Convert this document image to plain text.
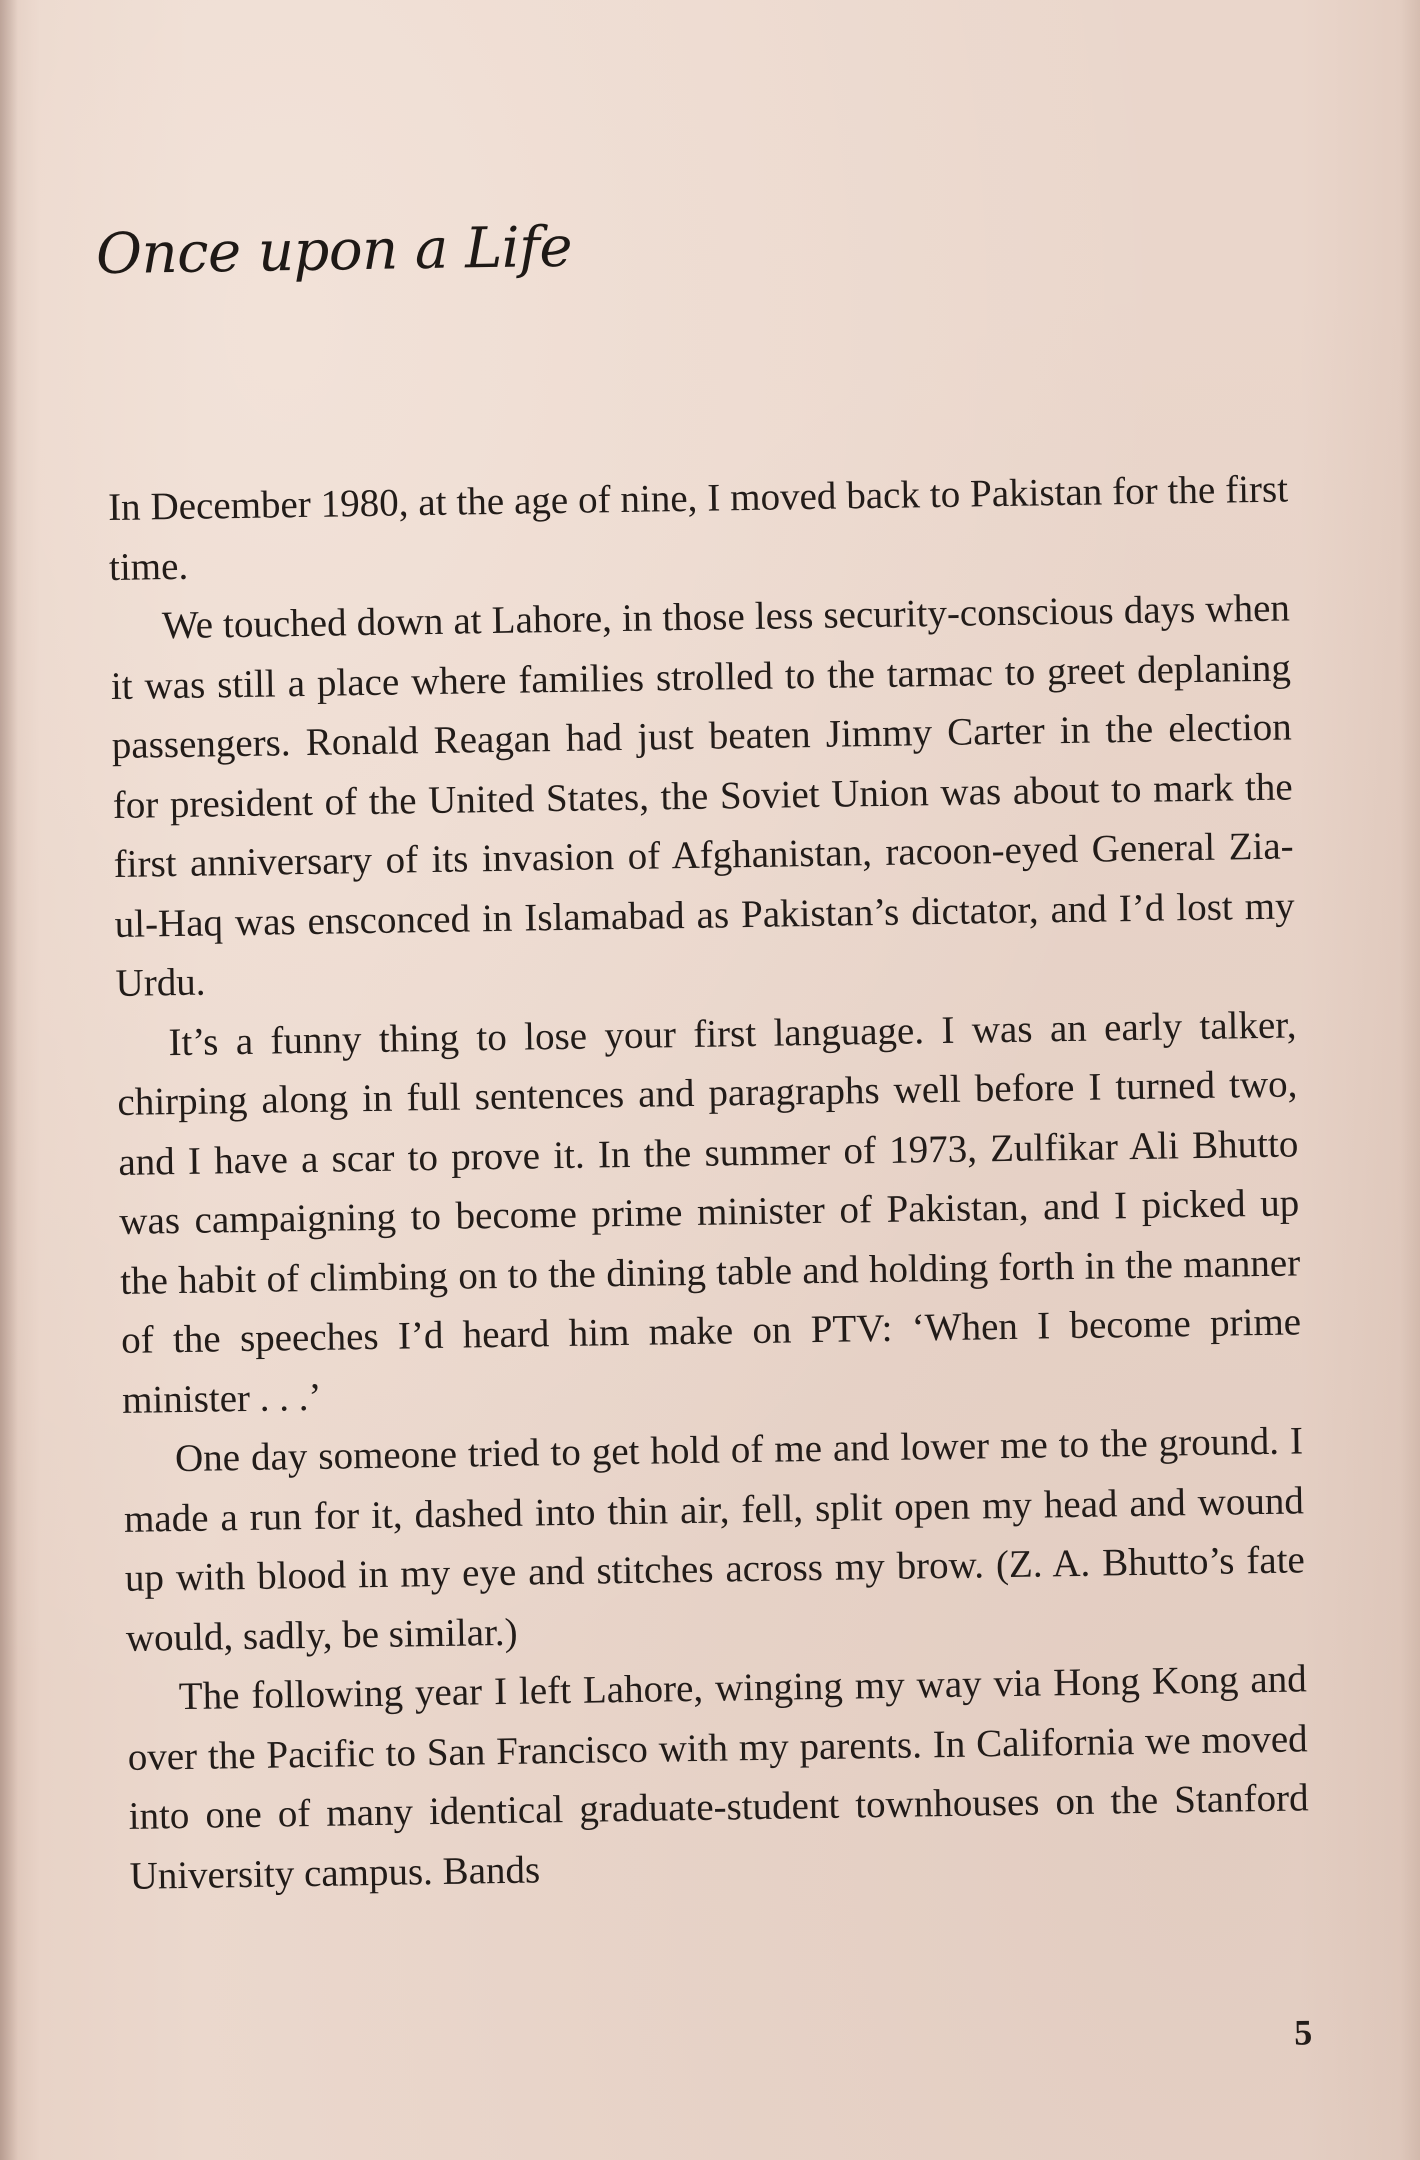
Once upon a Life

In December 1980, at the age of nine, I moved back to Pakistan for the first time.

We touched down at Lahore, in those less security-conscious days when it was still a place where families strolled to the tarmac to greet deplaning passengers. Ronald Reagan had just beaten Jimmy Carter in the election for president of the United States, the Soviet Union was about to mark the first anniversary of its invasion of Afghanistan, racoon-eyed General Zia-ul-Haq was ensconced in Islamabad as Pakistan’s dictator, and I’d lost my Urdu.

It’s a funny thing to lose your first language. I was an early talker, chirping along in full sentences and paragraphs well before I turned two, and I have a scar to prove it. In the summer of 1973, Zulfikar Ali Bhutto was campaigning to become prime minister of Pakistan, and I picked up the habit of climbing on to the dining table and holding forth in the manner of the speeches I’d heard him make on PTV: ‘When I become prime minister . . .’

One day someone tried to get hold of me and lower me to the ground. I made a run for it, dashed into thin air, fell, split open my head and wound up with blood in my eye and stitches across my brow. (Z. A. Bhutto’s fate would, sadly, be similar.)

The following year I left Lahore, winging my way via Hong Kong and over the Pacific to San Francisco with my parents. In California we moved into one of many identical graduate-student townhouses on the Stanford University campus. Bands

5
